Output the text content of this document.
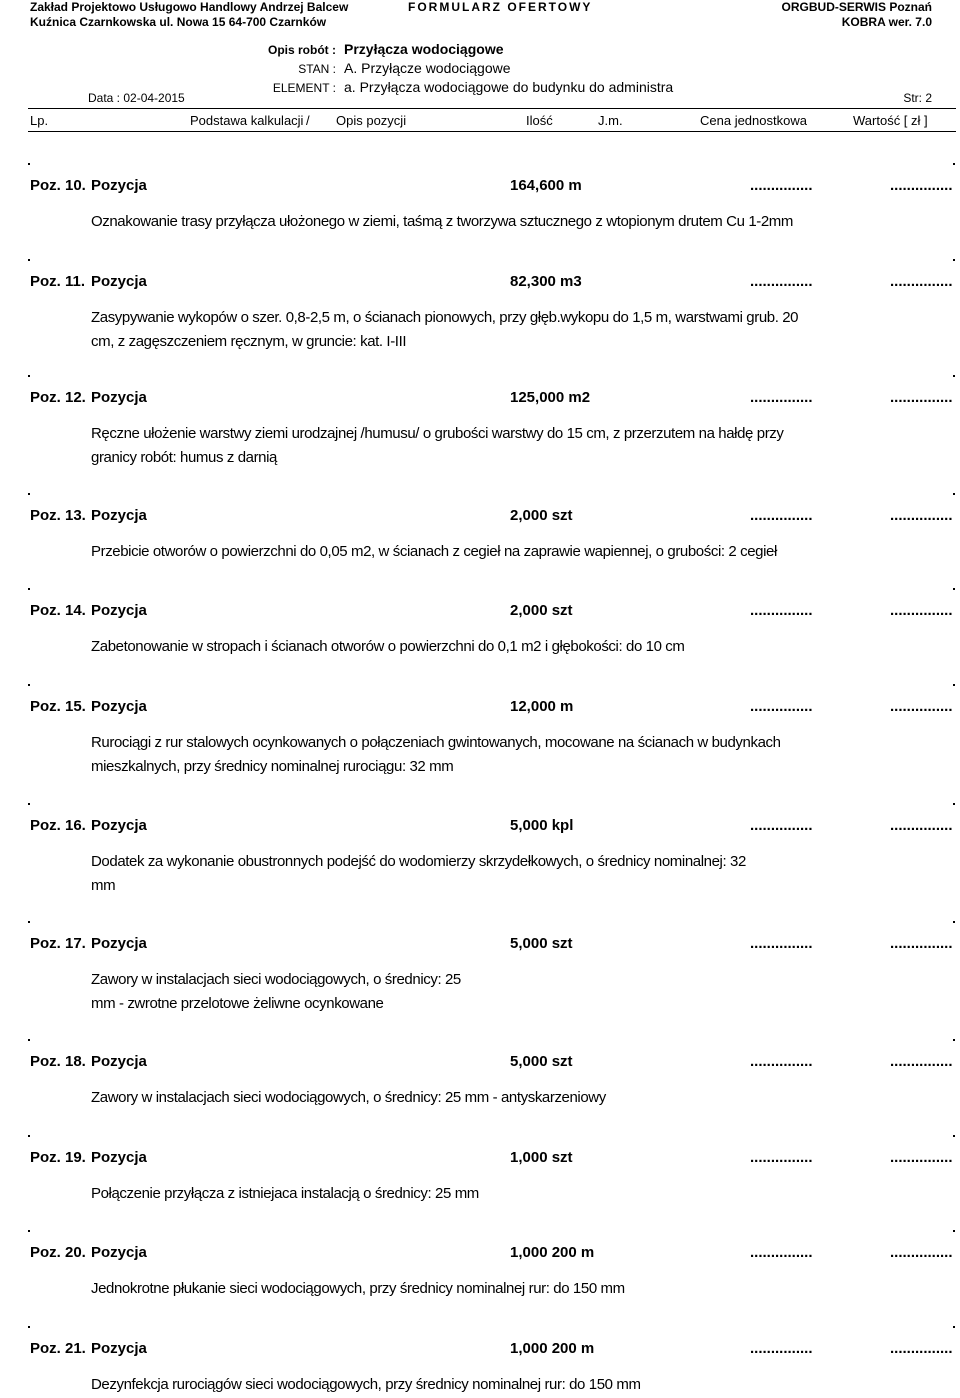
Zakład Projektowo Usługowo Handlowy Andrzej Balcew
Kuźnica Czarnkowska ul. Nowa 15 64-700 Czarnków
FORMULARZ OFERTOWY	ORGBUD-SERWIS Poznań
KOBRA wer. 7.0
Opis robót : Przyłącza wodociągowe
STAN : A. Przyłącze wodociągowe
ELEMENT : a. Przyłącza wodociągowe do budynku do administra
Data : 02-04-2015	Str: 2
Lp.	Podstawa kalkulacji / Opis pozycji	Ilość	J.m.	Cena jednostkowa	Wartość [ zł ]
Poz. 10. Pozycja	164,600 m	...............	...............
Oznakowanie trasy przyłącza ułożonego w ziemi, taśmą z tworzywa sztucznego z wtopionym drutem Cu 1-2mm
Poz. 11. Pozycja	82,300 m3	...............	...............
Zasypywanie wykopów o szer. 0,8-2,5 m, o ścianach pionowych, przy głęb.wykopu do 1,5 m, warstwami grub. 20 cm, z zagęszczeniem ręcznym, w gruncie: kat. I-III
Poz. 12. Pozycja	125,000 m2	...............	...............
Ręczne ułożenie warstwy ziemi urodzajnej /humusu/ o grubości warstwy do 15 cm, z przerzutem na hałdę przy granicy robót: humus z darnią
Poz. 13. Pozycja	2,000 szt	...............	...............
Przebicie otworów o powierzchni do 0,05 m2, w ścianach z cegieł na zaprawie wapiennej, o grubości: 2 cegieł
Poz. 14. Pozycja	2,000 szt	...............	...............
Zabetonowanie w stropach i ścianach otworów o powierzchni do 0,1 m2 i głębokości: do 10 cm
Poz. 15. Pozycja	12,000 m	...............	...............
Rurociągi z rur stalowych ocynkowanych o połączeniach gwintowanych, mocowane na ścianach w budynkach mieszkalnych, przy średnicy nominalnej rurociągu: 32 mm
Poz. 16. Pozycja	5,000 kpl	...............	...............
Dodatek za wykonanie obustronnych podejść do wodomierzy skrzydełkowych, o średnicy nominalnej: 32 mm
Poz. 17. Pozycja	5,000 szt	...............	...............
Zawory w instalacjach sieci wodociągowych, o średnicy: 25 mm - zwrotne przelotowe żeliwne ocynkowane
Poz. 18. Pozycja	5,000 szt	...............	...............
Zawory w instalacjach sieci wodociągowych, o średnicy: 25 mm - antyskarzeniowy
Poz. 19. Pozycja	1,000 szt	...............	...............
Połączenie przyłącza z istniejaca instalacją o średnicy: 25 mm
Poz. 20. Pozycja	1,000 200 m	...............	...............
Jednokrotne płukanie sieci wodociągowych, przy średnicy nominalnej rur: do 150 mm
Poz. 21. Pozycja	1,000 200 m	...............	...............
Dezynfekcja rurociągów sieci wodociągowych, przy średnicy nominalnej rur: do 150 mm
